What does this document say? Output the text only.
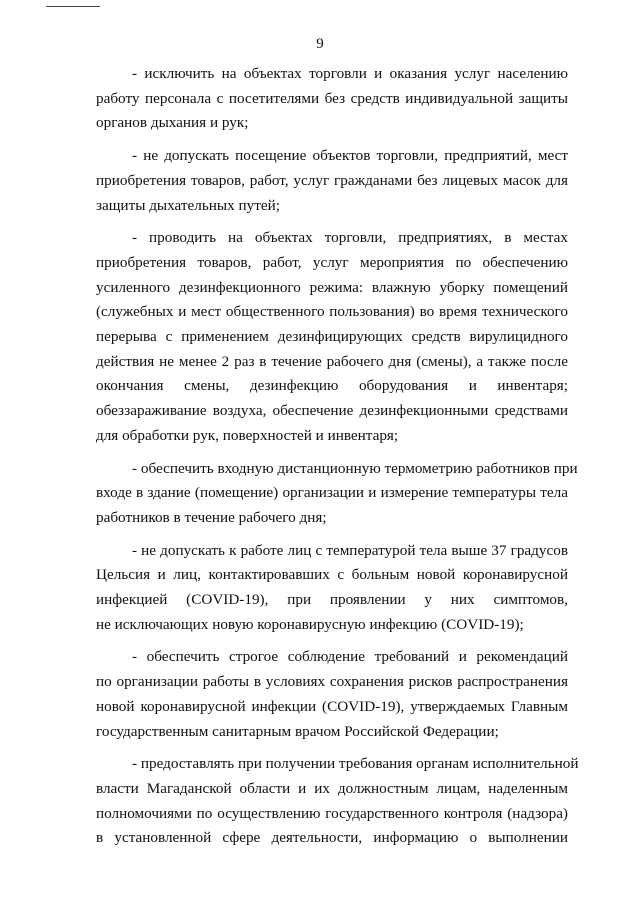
9
- исключить на объектах торговли и оказания услуг населению
работу персонала с посетителями без средств индивидуальной защиты
органов дыхания и рук;
- не допускать посещение объектов торговли, предприятий, мест
приобретения товаров, работ, услуг гражданами без лицевых масок для
защиты дыхательных путей;
- проводить на объектах торговли, предприятиях, в местах
приобретения товаров, работ, услуг мероприятия по обеспечению
усиленного дезинфекционного режима: влажную уборку помещений
(служебных и мест общественного пользования) во время технического
перерыва с применением дезинфицирующих средств вирулицидного
действия не менее 2 раз в течение рабочего дня (смены), а также после
окончания смены, дезинфекцию оборудования и инвентаря;
обеззараживание воздуха, обеспечение дезинфекционными средствами
для обработки рук, поверхностей и инвентаря;
- обеспечить входную дистанционную термометрию работников при
входе в здание (помещение) организации и измерение температуры тела
работников в течение рабочего дня;
- не допускать к работе лиц с температурой тела выше 37 градусов
Цельсия и лиц, контактировавших с больным новой коронавирусной
инфекцией (COVID-19), при проявлении у них симптомов,
не исключающих новую коронавирусную инфекцию (COVID-19);
- обеспечить строгое соблюдение требований и рекомендаций
по организации работы в условиях сохранения рисков распространения
новой коронавирусной инфекции (COVID-19), утверждаемых Главным
государственным санитарным врачом Российской Федерации;
- предоставлять при получении требования органам исполнительной
власти Магаданской области и их должностным лицам, наделенным
полномочиями по осуществлению государственного контроля (надзора)
в установленной сфере деятельности, информацию о выполнении
